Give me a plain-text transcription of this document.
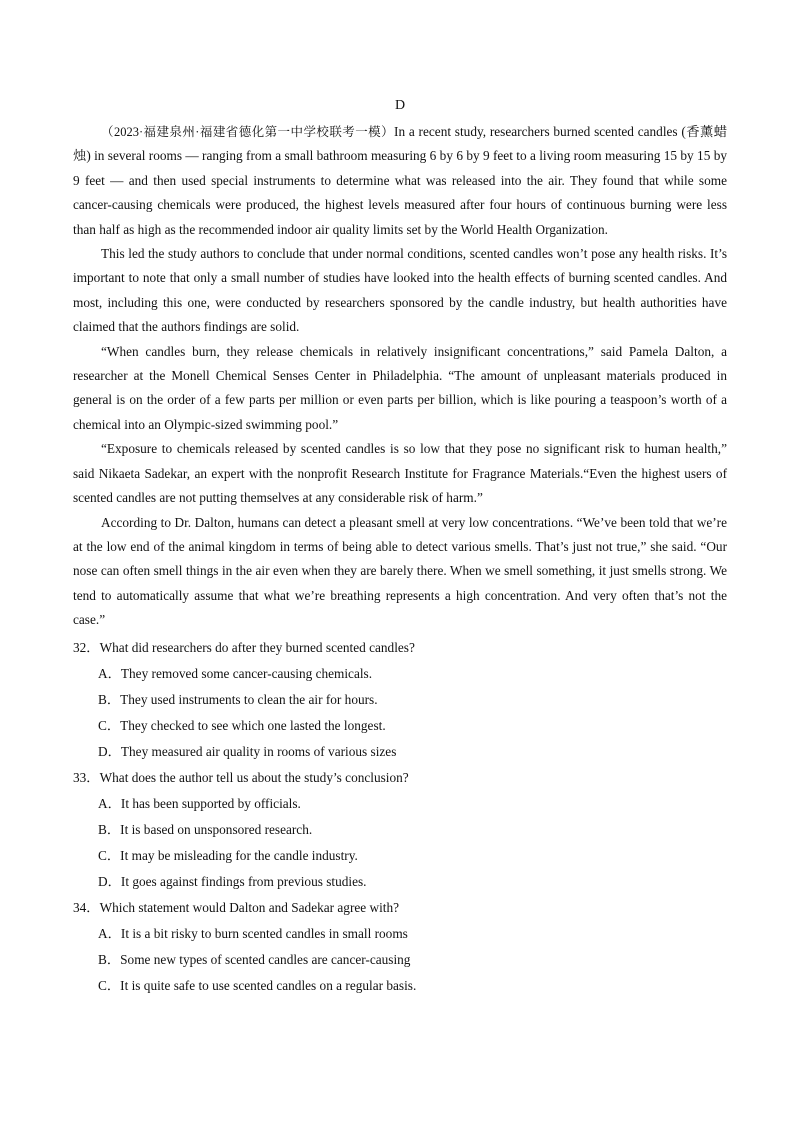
D

（2023·福建泉州·福建省德化第一中学校联考一模）In a recent study, researchers burned scented candles (香薰蜡烛) in several rooms — ranging from a small bathroom measuring 6 by 6 by 9 feet to a living room measuring 15 by 15 by 9 feet — and then used special instruments to determine what was released into the air. They found that while some cancer-causing chemicals were produced, the highest levels measured after four hours of continuous burning were less than half as high as the recommended indoor air quality limits set by the World Health Organization.

This led the study authors to conclude that under normal conditions, scented candles won’t pose any health risks. It’s important to note that only a small number of studies have looked into the health effects of burning scented candles. And most, including this one, were conducted by researchers sponsored by the candle industry, but health authorities have claimed that the authors findings are solid.

“When candles burn, they release chemicals in relatively insignificant concentrations,” said Pamela Dalton, a researcher at the Monell Chemical Senses Center in Philadelphia. “The amount of unpleasant materials produced in general is on the order of a few parts per million or even parts per billion, which is like pouring a teaspoon’s worth of a chemical into an Olympic-sized swimming pool.”

“Exposure to chemicals released by scented candles is so low that they pose no significant risk to human health,” said Nikaeta Sadekar, an expert with the nonprofit Research Institute for Fragrance Materials.“Even the highest users of scented candles are not putting themselves at any considerable risk of harm.”

According to Dr. Dalton, humans can detect a pleasant smell at very low concentrations. “We’ve been told that we’re at the low end of the animal kingdom in terms of being able to detect various smells. That’s just not true,” she said. “Our nose can often smell things in the air even when they are barely there. When we smell something, it just smells strong. We tend to automatically assume that what we’re breathing represents a high concentration. And very often that’s not the case.”

32．What did researchers do after they burned scented candles?

A．They removed some cancer-causing chemicals.

B．They used instruments to clean the air for hours.

C．They checked to see which one lasted the longest.

D．They measured air quality in rooms of various sizes

33．What does the author tell us about the study’s conclusion?

A．It has been supported by officials.

B．It is based on unsponsored research.

C．It may be misleading for the candle industry.

D．It goes against findings from previous studies.

34．Which statement would Dalton and Sadekar agree with?

A．It is a bit risky to burn scented candles in small rooms

B．Some new types of scented candles are cancer-causing

C．It is quite safe to use scented candles on a regular basis.
